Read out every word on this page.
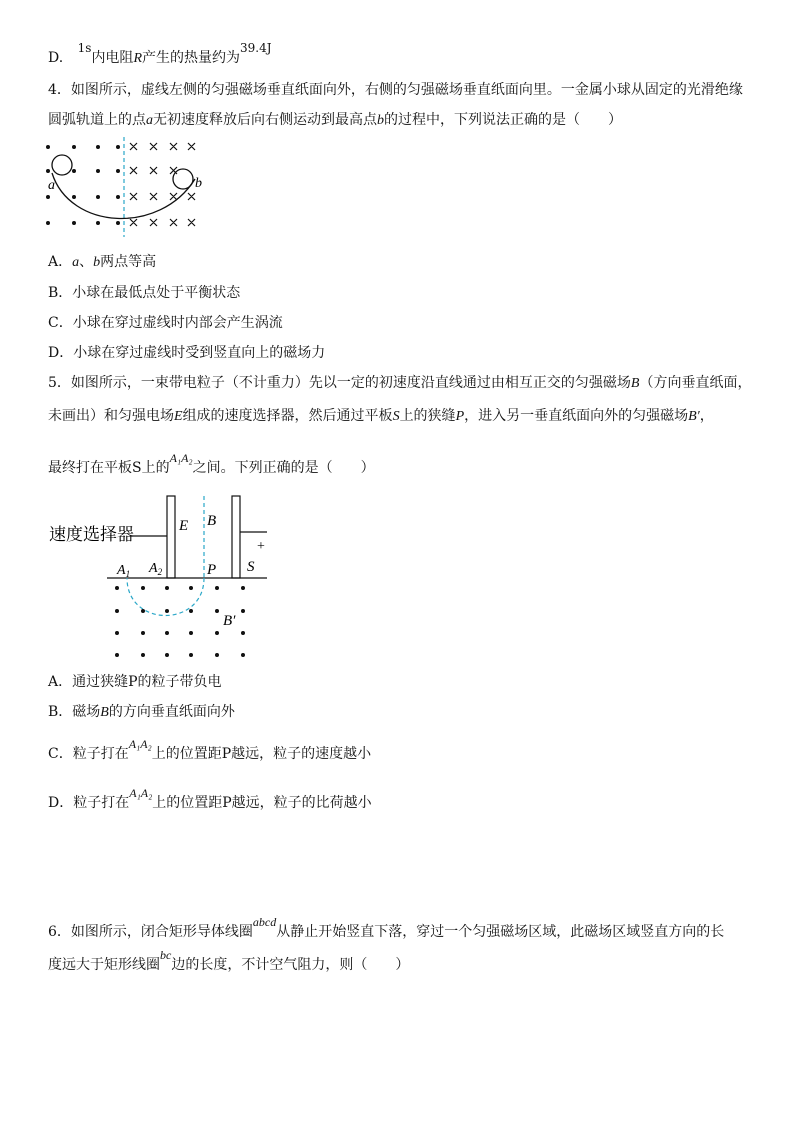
D. 1s内电阻R产生的热量约为39.4J
4．如图所示，虚线左侧的匀强磁场垂直纸面向外，右侧的匀强磁场垂直纸面向里。一金属小球从固定的光滑绝缘
圆弧轨道上的点a无初速度释放后向右侧运动到最高点b的过程中，下列说法正确的是（　　）
a	b
A．a、b两点等高
B．小球在最低点处于平衡状态
C．小球在穿过虚线时内部会产生涡流
D．小球在穿过虚线时受到竖直向上的磁场力
5．如图所示，一束带电粒子（不计重力）先以一定的初速度沿直线通过由相互正交的匀强磁场B（方向垂直纸面，
未画出）和匀强电场E组成的速度选择器，然后通过平板S上的狭缝P，进入另一垂直纸面向外的匀强磁场B′，
最终打在平板S上的A₁A₂之间。下列正确的是（　　）
速度选择器
+
E B
S
P
$A_1$ $A_2$
B′
A．通过狭缝P的粒子带负电
B．磁场B的方向垂直纸面向外
C．粒子打在A₁A₂上的位置距P越远，粒子的速度越小
D．粒子打在A₁A₂上的位置距P越远，粒子的比荷越小
6．如图所示，闭合矩形导体线圈abcd从静止开始竖直下落，穿过一个匀强磁场区域，此磁场区域竖直方向的长
度远大于矩形线圈bc边的长度，不计空气阻力，则（　　）
